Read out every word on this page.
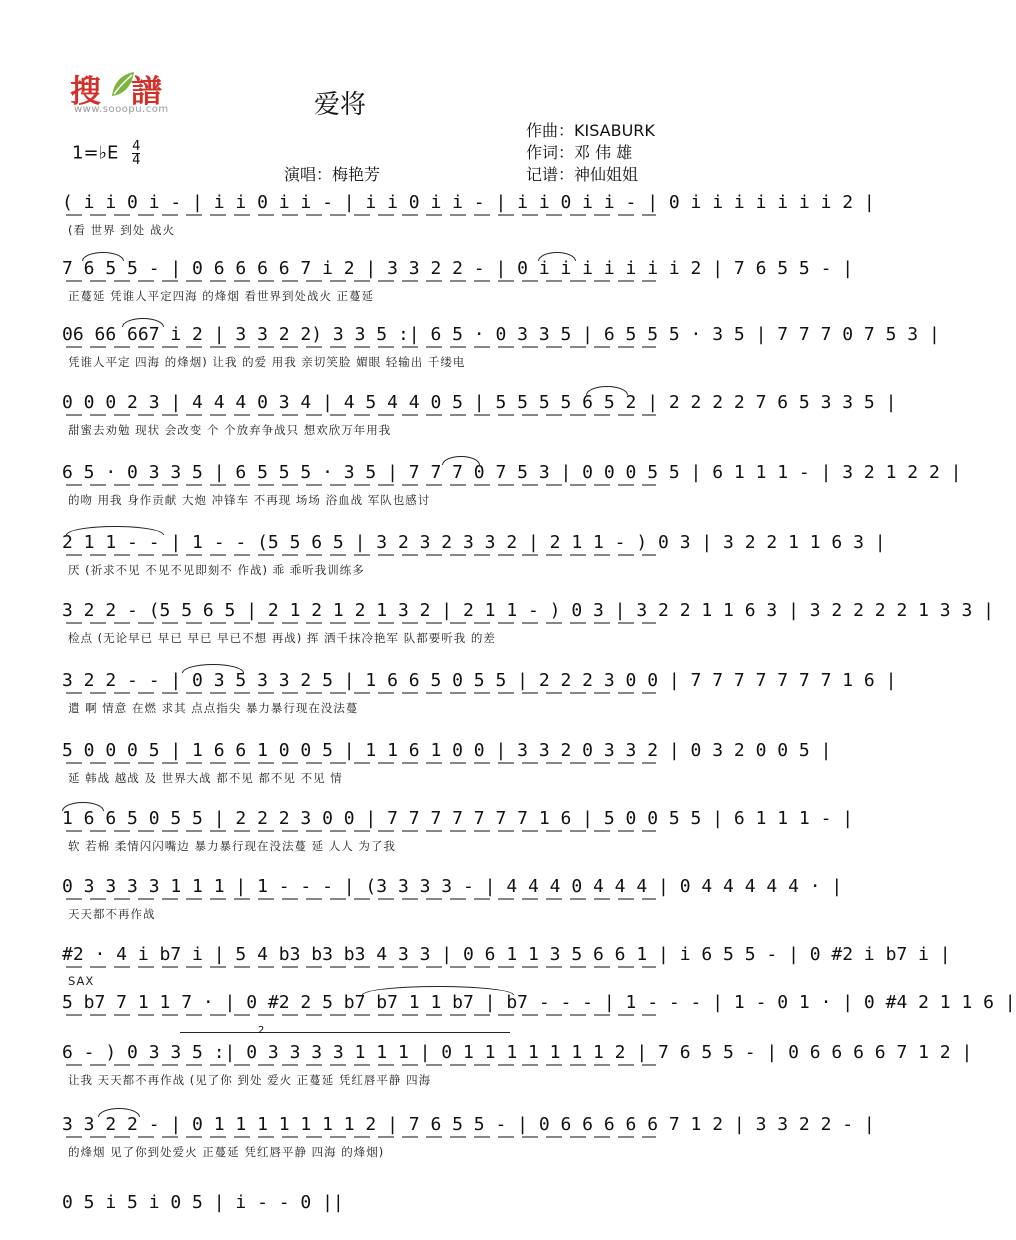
搜 譜
www.sooopu.com	爱将
作曲：KISABURK
作词：邓 伟 雄
记谱：神仙姐姐
演唱：梅艳芳
1=♭E $\frac{4}{4}$
( i i 0 i - | i i 0 i i - | i i 0 i i - | i i 0 i i - | 0 i i i i i i i 2 |
(看 世界 到处 战火
7 6 5 5 - | 0 6 6 6 6 7 i 2 | 3 3 2 2 - | 0 i i i i i i i 2 | 7 6 5 5 - |
正蔓延 凭谁人平定四海 的烽烟 看世界到处战火 正蔓延
06 66 667 i 2 | 3 3 2 2) 3 3 5 :| 6 5 · 0 3 3 5 | 6 5 5 5 · 3 5 | 7 7 7 0 7 5 3 |
凭谁人平定 四海 的烽烟) 让我 的爱 用我 亲切笑脸 媚眼 轻输出 千缕电
0 0 0 2 3 | 4 4 4 0 3 4 | 4 5 4 4 0 5 | 5 5 5 5 6 5 2 | 2 2 2 2 7 6 5 3 3 5 |
甜蜜去劝勉 现状 会改变 个 个放弃争战只 想欢欣万年用我
6 5 · 0 3 3 5 | 6 5 5 5 · 3 5 | 7 7 7 0 7 5 3 | 0 0 0 5 5 | 6 1 1 1 - | 3 2 1 2 2 |
的吻 用我 身作贡献 大炮 冲锋车 不再现 场场 浴血战 军队也感讨
2 1 1 - - | 1 - - (5 5 6 5 | 3 2 3 2 3 3 2 | 2 1 1 - ) 0 3 | 3 2 2 1 1 6 3 |
厌 (祈求不见 不见不见即刻不 作战) 乖 乖听我训练多
3 2 2 - (5 5 6 5 | 2 1 2 1 2 1 3 2 | 2 1 1 - ) 0 3 | 3 2 2 1 1 6 3 | 3 2 2 2 2 1 3 3 |
检点 (无论早已 早已 早已 早已不想 再战) 挥 洒千抹冷艳军 队都要听我 的差
3 2 2 - - | 0 3 5 3 3 2 5 | 1 6 6 5 0 5 5 | 2 2 2 3 0 0 | 7 7 7 7 7 7 7 1 6 |
遣 啊 情意 在燃 求其 点点指尖 暴力暴行现在没法蔓
5 0 0 0 5 | 1 6 6 1 0 0 5 | 1 1 6 1 0 0 | 3 3 2 0 3 3 2 | 0 3 2 0 0 5 |
延 韩战 越战 及 世界大战 都不见 都不见 不见 情
1 6 6 5 0 5 5 | 2 2 2 3 0 0 | 7 7 7 7 7 7 7 1 6 | 5 0 0 5 5 | 6 1 1 1 - |
软 若棉 柔情闪闪嘴边 暴力暴行现在没法蔓 延 人人 为了我
0 3 3 3 3 1 1 1 | 1 - - - | (3 3 3 3 - | 4 4 4 0 4 4 4 | 0 4 4 4 4 4 · |
天天都不再作战
#2 · 4 i b7 i | 5 4 b3 b3 b3 4 3 3 | 0 6 1 1 3 5 6 6 1 | i 6 5 5 - | 0 #2 i b7 i |
SAX
5 b7 7 1 1 7 · | 0 #2 2 5 b7 b7 1 1 b7 | b7 - - - | 1 - - - | 1 - 0 1 · | 0 #4 2 1 1 6 |
2
6 - ) 0 3 3 5 :| 0 3 3 3 3 1 1 1 | 0 1 1 1 1 1 1 1 2 | 7 6 5 5 - | 0 6 6 6 6 7 1 2 |
让我 天天都不再作战 (见了你 到处 爱火 正蔓延 凭红唇平静 四海
3 3 2 2 - | 0 1 1 1 1 1 1 1 2 | 7 6 5 5 - | 0 6 6 6 6 6 7 1 2 | 3 3 2 2 - |
的烽烟 见了你到处爱火 正蔓延 凭红唇平静 四海 的烽烟)
0 5 i 5 i 0 5 | i - - 0 ||
